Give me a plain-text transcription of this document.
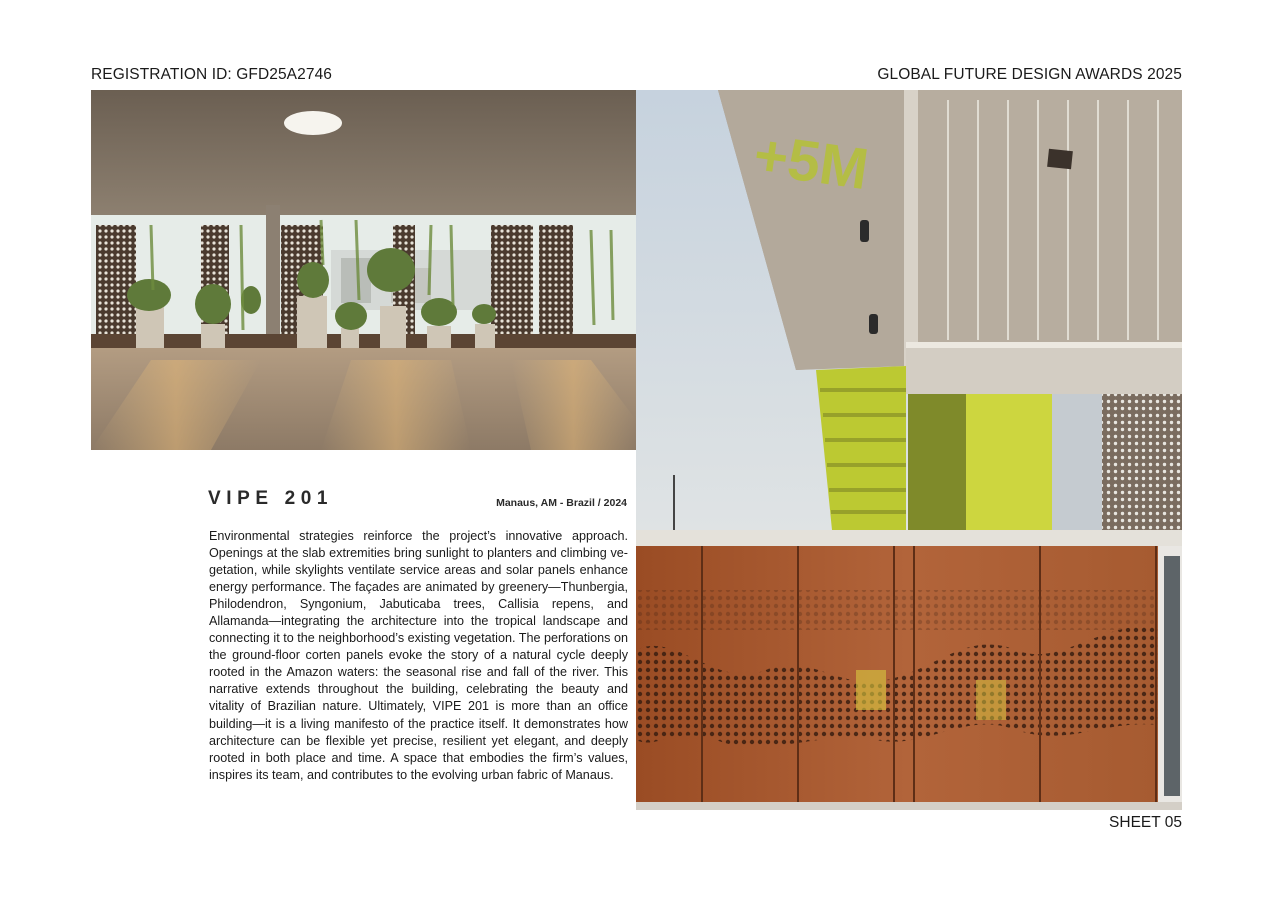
REGISTRATION ID: GFD25A2746	GLOBAL FUTURE DESIGN AWARDS 2025
+5M
VIPE 201	Manaus, AM - Brazil / 2024

Environmental strategies reinforce the project’s innovative approach. Openings at the slab extremities bring sunlight to planters and climbing vegetation, while skylights ventilate service areas and solar panels enhance energy performance. The façades are animated by greenery—Thunbergia, Philodendron, Syngonium, Jabuticaba trees, Callisia repens, and Allamanda—integrating the architecture into the tropical landscape and connecting it to the neighborhood’s existing vegetation. The perforations on the ground-floor corten panels evoke the story of a natural cycle deeply rooted in the Amazon waters: the seasonal rise and fall of the river. This narrative extends throughout the building, celebrating the beauty and vitality of Brazilian nature. Ultimately, VIPE 201 is more than an office building—it is a living manifesto of the practice itself. It demonstrates how architecture can be flexible yet precise, resilient yet elegant, and deeply rooted in both place and time. A space that embodies the firm’s values, inspires its team, and contributes to the evolving urban fabric of Manaus.

SHEET 05
